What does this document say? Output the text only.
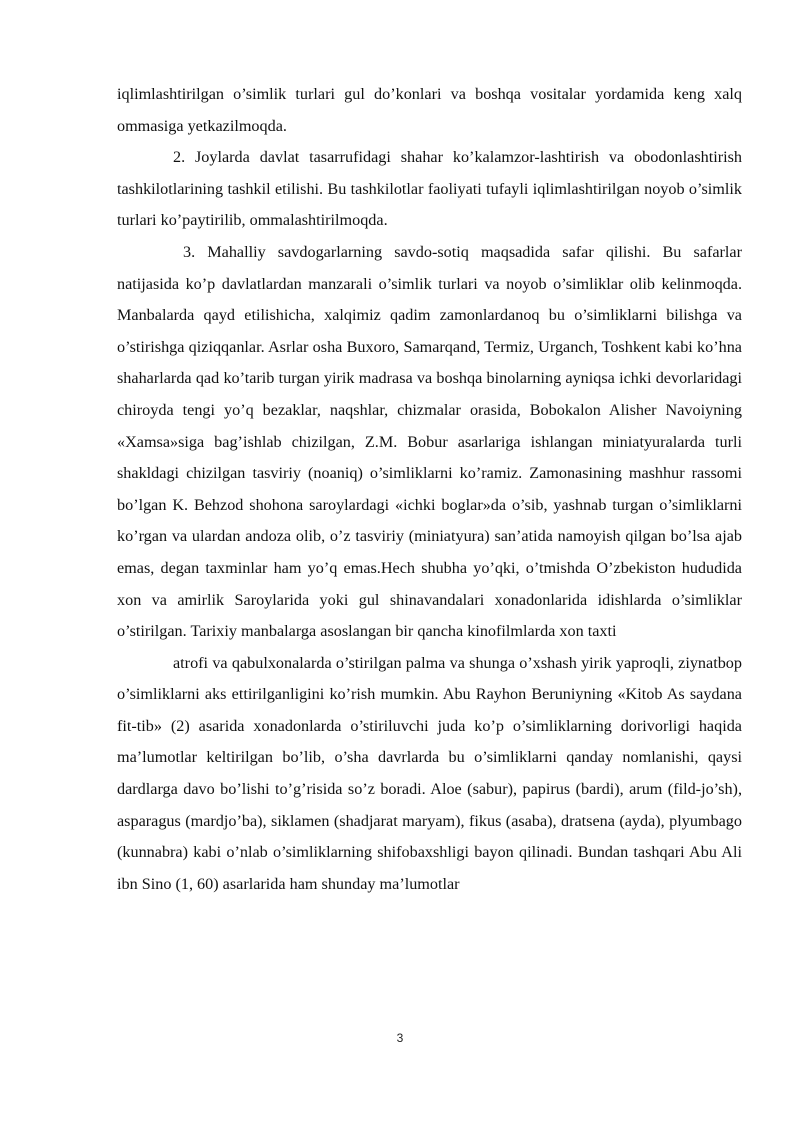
iqlimlashtirilgan o’simlik turlari gul do’konlari va boshqa vositalar yordamida keng xalq ommasiga yetkazilmoqda.

2. Joylarda davlat tasarrufidagi shahar ko’kalamzor-lashtirish va obodonlashtirish tashkilotlarining tashkil etilishi. Bu tashkilotlar faoliyati tufayli iqlimlashtirilgan noyob o’simlik turlari ko’paytirilib, ommalashtirilmoqda.

3. Mahalliy savdogarlarning savdo-sotiq maqsadida safar qilishi. Bu safarlar natijasida ko’p davlatlardan manzarali o’simlik turlari va noyob o’simliklar olib kelinmoqda. Manbalarda qayd etilishicha, xalqimiz qadim zamonlardanoq bu o’simliklarni bilishga va o’stirishga qiziqqanlar. Asrlar osha Buxoro, Samarqand, Termiz, Urganch, Toshkent kabi ko’hna shaharlarda qad ko’tarib turgan yirik madrasa va boshqa binolarning ayniqsa ichki devorlaridagi chiroyda tengi yo’q bezaklar, naqshlar, chizmalar orasida, Bobokalon Alisher Navoiyning «Xamsa»siga bag’ishlab chizilgan, Z.M. Bobur asarlariga ishlangan miniatyuralarda turli shakldagi chizilgan tasviriy (noaniq) o’simliklarni ko’ramiz. Zamonasining mashhur rassomi bo’lgan K. Behzod shohona saroylardagi «ichki boglar»da o’sib, yashnab turgan o’simliklarni ko’rgan va ulardan andoza olib, o’z tasviriy (miniatyura) san’atida namoyish qilgan bo’lsa ajab emas, degan taxminlar ham yo’q emas.Hech shubha yo’qki, o’tmishda O’zbekiston hududida xon va amirlik Saroylarida yoki gul shinavandalari xonadonlarida idishlarda o’simliklar o’stirilgan. Tarixiy manbalarga asoslangan bir qancha kinofilmlarda xon taxti

atrofi va qabulxonalarda o’stirilgan palma va shunga o’xshash yirik yaproqli, ziynatbop o’simliklarni aks ettirilganligini ko’rish mumkin. Abu Rayhon Beruniyning «Kitob As saydana fit-tib» (2) asarida xonadonlarda o’stiriluvchi juda ko’p o’simliklarning dorivorligi haqida ma’lumotlar keltirilgan bo’lib, o’sha davrlarda bu o’simliklarni qanday nomlanishi, qaysi dardlarga davo bo’lishi to’g’risida so’z boradi. Aloe (sabur), papirus (bardi), arum (fild-jo’sh), asparagus (mardjo’ba), siklamen (shadjarat maryam), fikus (asaba), dratsena (ayda), plyumbago (kunnabra) kabi o’nlab o’simliklarning shifobaxshligi bayon qilinadi. Bundan tashqari Abu Ali ibn Sino (1, 60) asarlarida ham shunday ma’lumotlar

3
